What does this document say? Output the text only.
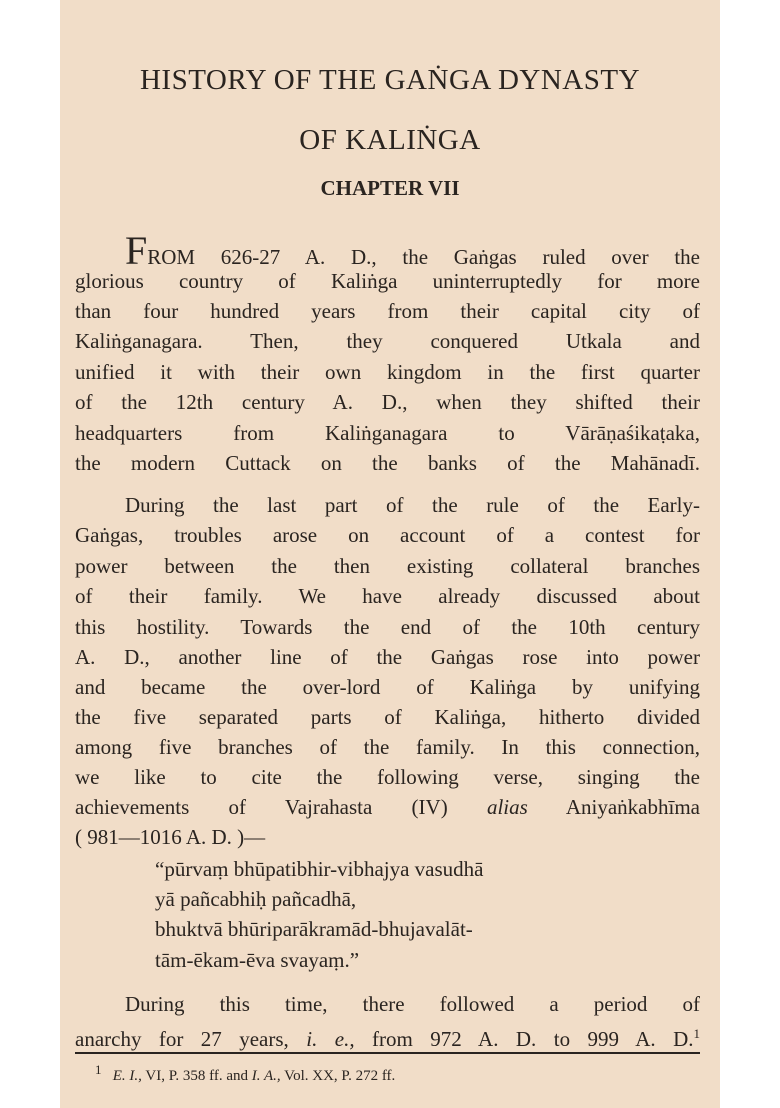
HISTORY OF THE GAṄGA DYNASTY
OF KALIṄGA
CHAPTER VII
FROM 626-27 A. D., the Gaṅgas ruled over the
glorious country of Kaliṅga uninterruptedly for more
than four hundred years from their capital city of
Kaliṅganagara. Then, they conquered Utkala and
unified it with their own kingdom in the first quarter
of the 12th century A. D., when they shifted their
headquarters from Kaliṅganagara to Vārāṇaśikaṭaka,
the modern Cuttack on the banks of the Mahānadī.
During the last part of the rule of the Early-
Gaṅgas, troubles arose on account of a contest for
power between the then existing collateral branches
of their family. We have already discussed about
this hostility. Towards the end of the 10th century
A. D., another line of the Gaṅgas rose into power
and became the over-lord of Kaliṅga by unifying
the five separated parts of Kaliṅga, hitherto divided
among five branches of the family. In this connection,
we like to cite the following verse, singing the
achievements of Vajrahasta (IV) alias Aniyaṅkabhīma
( 981—1016 A. D. )—
“pūrvaṃ bhūpatibhir-vibhajya vasudhā
yā pañcabhiḥ pañcadhā,
bhuktvā bhūriparākramād-bhujavalāt-
tām-ēkam-ēva svayaṃ.”
During this time, there followed a period of
anarchy for 27 years, i. e., from 972 A. D. to 999 A. D.$^1$
$^1$ E. I., VI, P. 358 ff. and I. A., Vol. XX, P. 272 ff.
